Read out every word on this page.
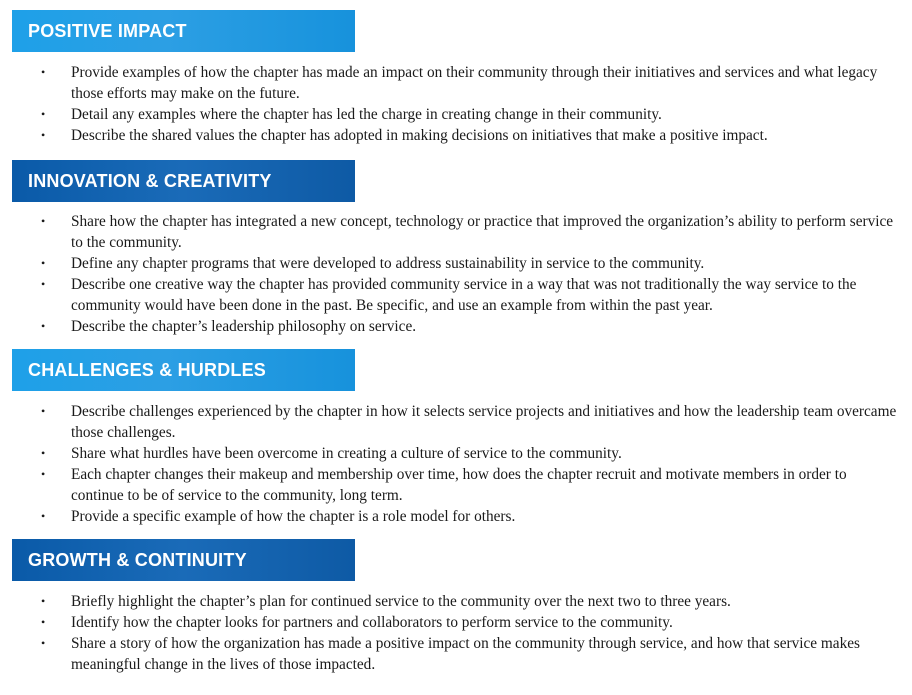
POSITIVE IMPACT
• Provide examples of how the chapter has made an impact on their community through their initiatives and services and what legacy those efforts may make on the future.
• Detail any examples where the chapter has led the charge in creating change in their community.
• Describe the shared values the chapter has adopted in making decisions on initiatives that make a positive impact.
INNOVATION & CREATIVITY
• Share how the chapter has integrated a new concept, technology or practice that improved the organization’s ability to perform service to the community.
• Define any chapter programs that were developed to address sustainability in service to the community.
• Describe one creative way the chapter has provided community service in a way that was not traditionally the way service to the community would have been done in the past. Be specific, and use an example from within the past year.
• Describe the chapter’s leadership philosophy on service.
CHALLENGES & HURDLES
• Describe challenges experienced by the chapter in how it selects service projects and initiatives and how the leadership team overcame those challenges.
• Share what hurdles have been overcome in creating a culture of service to the community.
• Each chapter changes their makeup and membership over time, how does the chapter recruit and motivate members in order to continue to be of service to the community, long term.
• Provide a specific example of how the chapter is a role model for others.
GROWTH & CONTINUITY
• Briefly highlight the chapter’s plan for continued service to the community over the next two to three years.
• Identify how the chapter looks for partners and collaborators to perform service to the community.
• Share a story of how the organization has made a positive impact on the community through service, and how that service makes meaningful change in the lives of those impacted.
